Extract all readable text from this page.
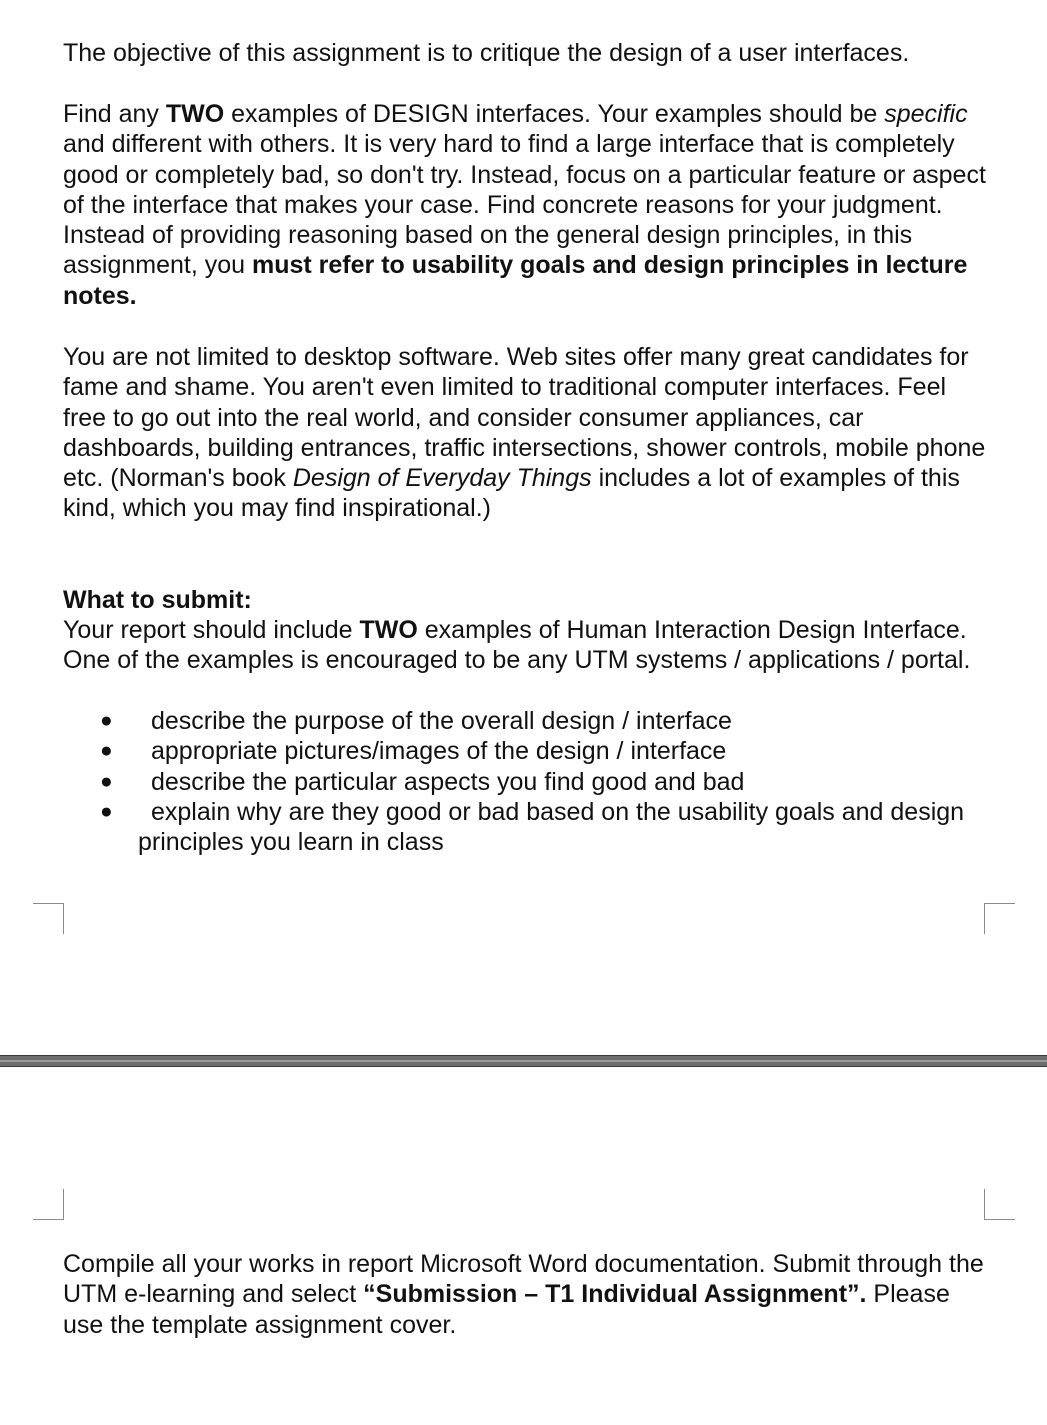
The objective of this assignment is to critique the design of a user interfaces.

Find any TWO examples of DESIGN interfaces. Your examples should be specific and different with others. It is very hard to find a large interface that is completely good or completely bad, so don't try. Instead, focus on a particular feature or aspect of the interface that makes your case. Find concrete reasons for your judgment. Instead of providing reasoning based on the general design principles, in this assignment, you must refer to usability goals and design principles in lecture notes.

You are not limited to desktop software. Web sites offer many great candidates for fame and shame. You aren't even limited to traditional computer interfaces. Feel free to go out into the real world, and consider consumer appliances, car dashboards, building entrances, traffic intersections, shower controls, mobile phone etc. (Norman's book Design of Everyday Things includes a lot of examples of this kind, which you may find inspirational.)

What to submit:

Your report should include TWO examples of Human Interaction Design Interface. One of the examples is encouraged to be any UTM systems / applications / portal.

● describe the purpose of the overall design / interface
● appropriate pictures/images of the design / interface
● describe the particular aspects you find good and bad
● explain why are they good or bad based on the usability goals and design
principles you learn in class

Compile all your works in report Microsoft Word documentation. Submit through the UTM e-learning and select “Submission – T1 Individual Assignment”. Please use the template assignment cover.
